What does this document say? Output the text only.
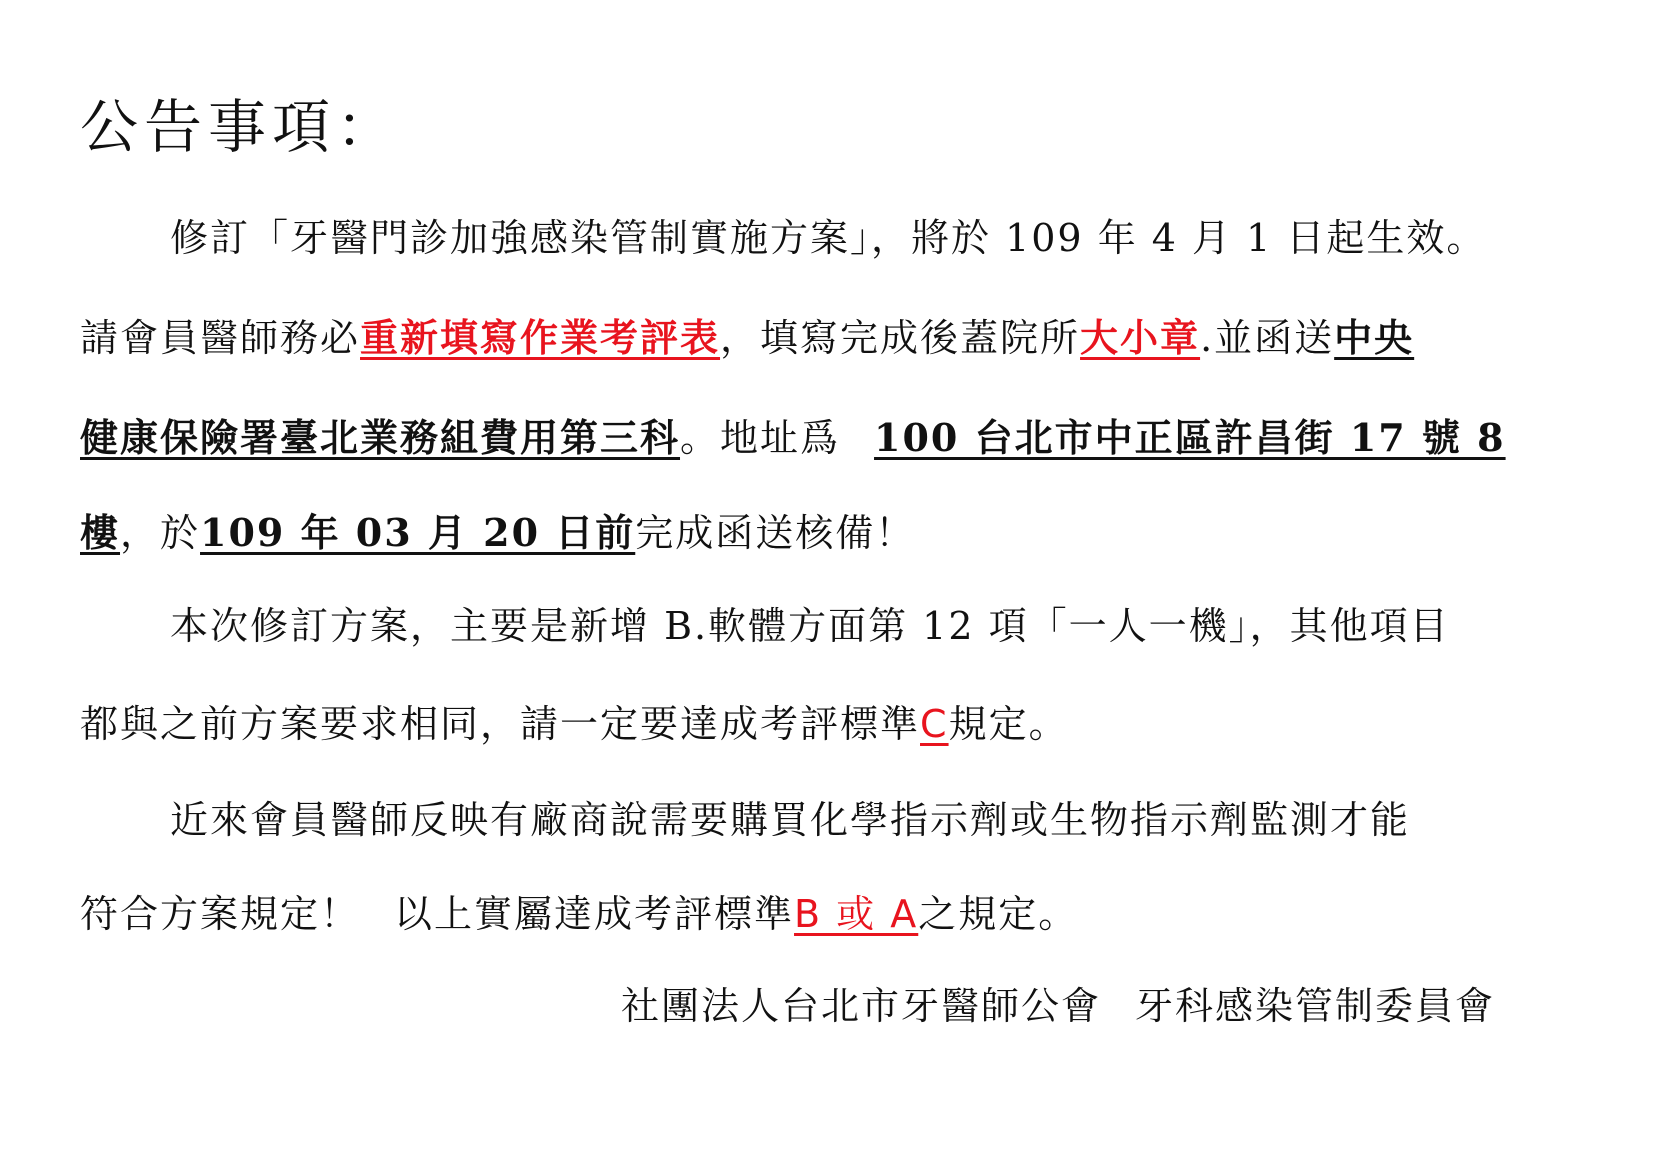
公告事項：
修訂「牙醫門診加強感染管制實施方案」，將於 109 年 4 月 1 日起生效。
請會員醫師務必重新填寫作業考評表，填寫完成後蓋院所大小章.並函送中央
健康保險署臺北業務組費用第三科。地址爲 100 台北市中正區許昌街 17 號 8
樓，於109 年 03 月 20 日前完成函送核備！
本次修訂方案，主要是新增 B.軟體方面第 12 項「一人一機」，其他項目
都與之前方案要求相同，請一定要達成考評標準C規定。
近來會員醫師反映有廠商說需要購買化學指示劑或生物指示劑監測才能
符合方案規定！ 以上實屬達成考評標準B 或 A之規定。
社團法人台北市牙醫師公會 牙科感染管制委員會
